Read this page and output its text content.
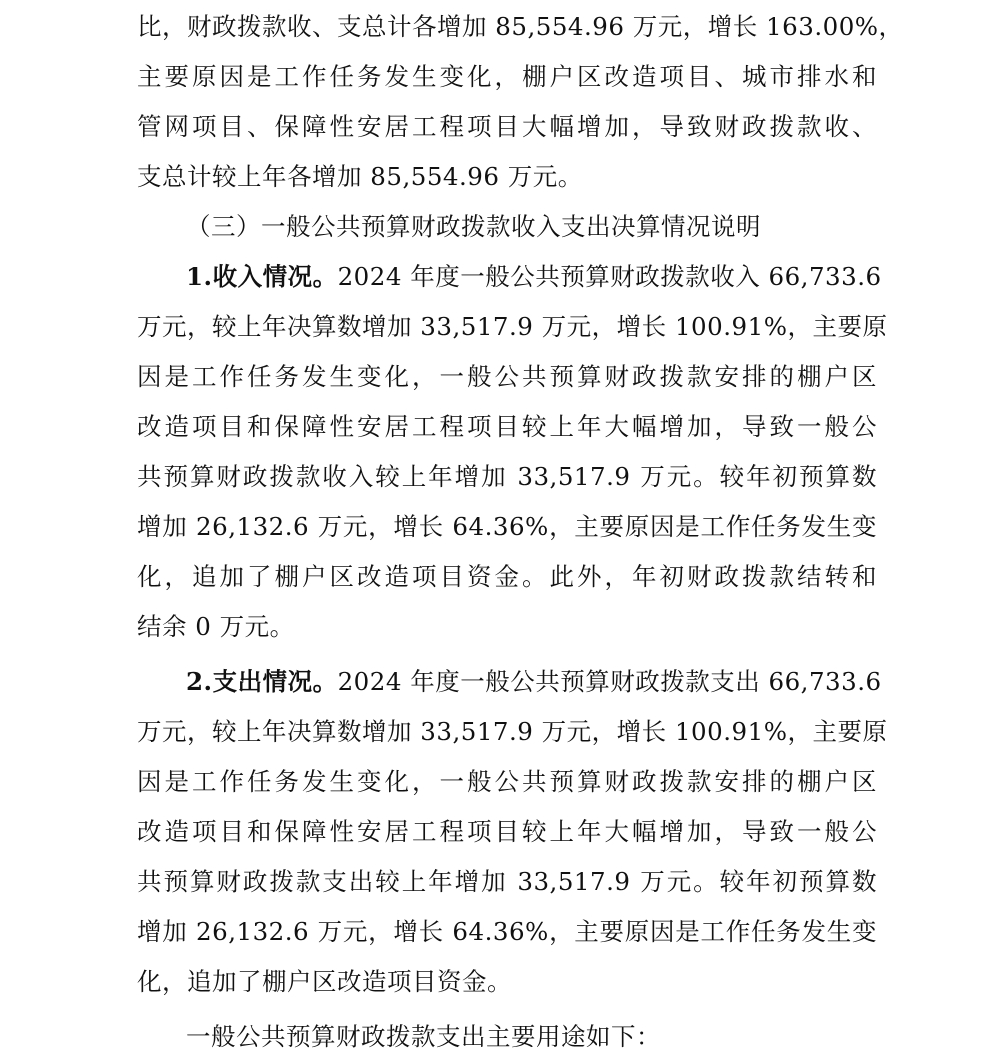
比，财政拨款收、支总计各增加 85,554.96 万元，增长 163.00%，
主要原因是工作任务发生变化，棚户区改造项目、城市排水和
管网项目、保障性安居工程项目大幅增加，导致财政拨款收、
支总计较上年各增加 85,554.96 万元。
（三）一般公共预算财政拨款收入支出决算情况说明
1.收入情况。2024 年度一般公共预算财政拨款收入 66,733.6
万元，较上年决算数增加 33,517.9 万元，增长 100.91%，主要原
因是工作任务发生变化，一般公共预算财政拨款安排的棚户区
改造项目和保障性安居工程项目较上年大幅增加，导致一般公
共预算财政拨款收入较上年增加 33,517.9 万元。较年初预算数
增加 26,132.6 万元，增长 64.36%，主要原因是工作任务发生变
化，追加了棚户区改造项目资金。此外，年初财政拨款结转和
结余 0 万元。
2.支出情况。2024 年度一般公共预算财政拨款支出 66,733.6
万元，较上年决算数增加 33,517.9 万元，增长 100.91%，主要原
因是工作任务发生变化，一般公共预算财政拨款安排的棚户区
改造项目和保障性安居工程项目较上年大幅增加，导致一般公
共预算财政拨款支出较上年增加 33,517.9 万元。较年初预算数
增加 26,132.6 万元，增长 64.36%，主要原因是工作任务发生变
化，追加了棚户区改造项目资金。
一般公共预算财政拨款支出主要用途如下：
